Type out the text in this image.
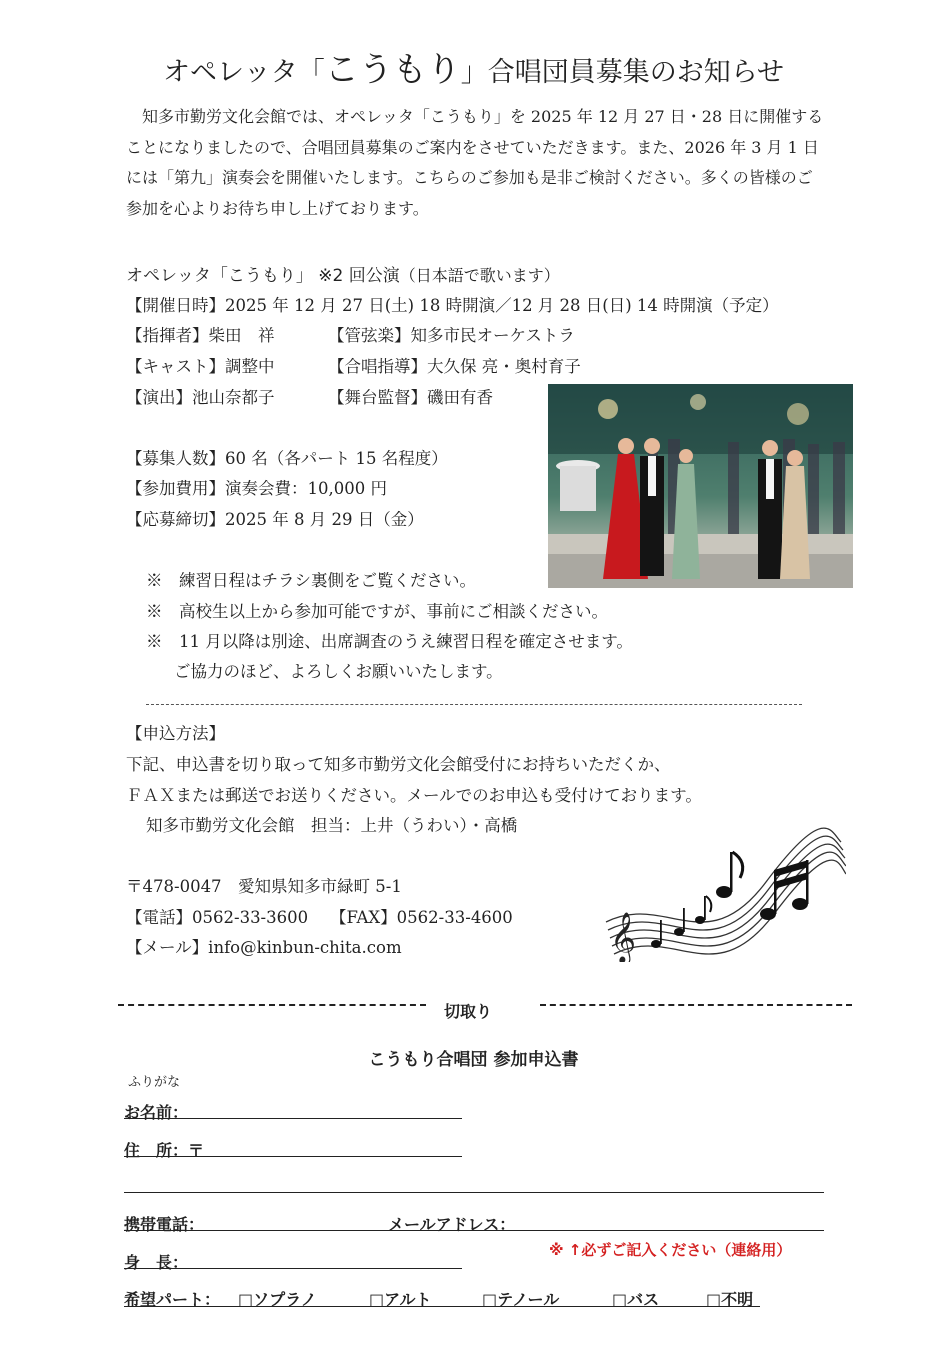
オペレッタ「こうもり」合唱団員募集のお知らせ

知多市勤労文化会館では、オペレッタ「こうもり」を 2025 年 12 月 27 日・28 日に開催することになりましたので、合唱団員募集のご案内をさせていただきます。また、2026 年 3 月 1 日には「第九」演奏会を開催いたします。こちらのご参加も是非ご検討ください。多くの皆様のご参加を心よりお待ち申し上げております。

オペレッタ「こうもり」 ※2 回公演（日本語で歌います）
【開催日時】2025 年 12 月 27 日(土) 18 時開演／12 月 28 日(日) 14 時開演（予定）
【指揮者】柴田　祥	【管弦楽】知多市民オーケストラ
【キャスト】調整中	【合唱指導】大久保 亮・奥村育子
【演出】池山奈都子	【舞台監督】磯田有香
【募集人数】60 名（各パート 15 名程度）
【参加費用】演奏会費：10,000 円
【応募締切】2025 年 8 月 29 日（金）
※　練習日程はチラシ裏側をご覧ください。
※　高校生以上から参加可能ですが、事前にご相談ください。
※　11 月以降は別途、出席調査のうえ練習日程を確定させます。
ご協力のほど、よろしくお願いいたします。
【申込方法】
下記、申込書を切り取って知多市勤労文化会館受付にお持ちいただくか、
ＦＡＸまたは郵送でお送りください。メールでのお申込も受付けております。
知多市勤労文化会館　担当：上井（うわい）・高橋
〒478-0047　愛知県知多市緑町 5-1
【電話】0562-33-3600 【FAX】0562-33-4600
【メール】info@kinbun-chita.com	𝄞
切取り
こうもり合唱団 参加申込書
ふりがな
お名前：
住　所：〒
携帯電話：	メールアドレス：
※ ↑必ずご記入ください（連絡用）
身　長：
希望パート： □ソプラノ	□アルト	□テノール	□バス	□不明
